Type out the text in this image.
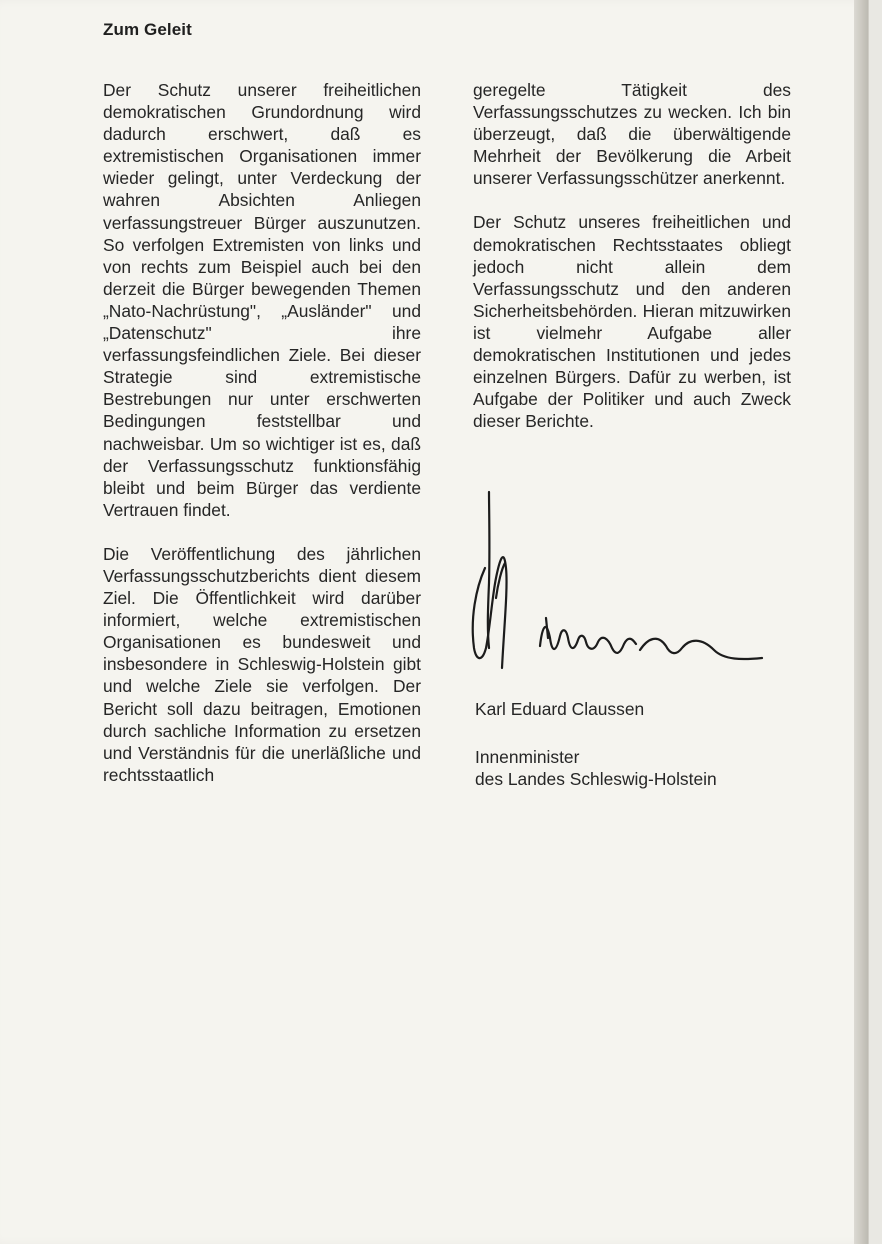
Zum Geleit

Der Schutz unserer freiheitlichen demokratischen Grundordnung wird dadurch erschwert, daß es extremistischen Organisationen immer wieder gelingt, unter Verdeckung der wahren Absichten Anliegen verfassungstreuer Bürger auszunutzen. So verfolgen Extremisten von links und von rechts zum Beispiel auch bei den derzeit die Bürger bewegenden Themen „Nato-Nachrüstung", „Ausländer" und „Datenschutz" ihre verfassungsfeindlichen Ziele. Bei dieser Strategie sind extremistische Bestrebungen nur unter erschwerten Bedingungen feststellbar und nachweisbar. Um so wichtiger ist es, daß der Verfassungsschutz funktionsfähig bleibt und beim Bürger das verdiente Vertrauen findet.

Die Veröffentlichung des jährlichen Verfassungsschutzberichts dient diesem Ziel. Die Öffentlichkeit wird darüber informiert, welche extremistischen Organisationen es bundesweit und insbesondere in Schleswig-Holstein gibt und welche Ziele sie verfolgen. Der Bericht soll dazu beitragen, Emotionen durch sachliche Information zu ersetzen und Verständnis für die unerläßliche und rechtsstaatlich

geregelte Tätigkeit des Verfassungsschutzes zu wecken. Ich bin überzeugt, daß die überwältigende Mehrheit der Bevölkerung die Arbeit unserer Verfassungsschützer anerkennt.

Der Schutz unseres freiheitlichen und demokratischen Rechtsstaates obliegt jedoch nicht allein dem Verfassungsschutz und den anderen Sicherheitsbehörden. Hieran mitzuwirken ist vielmehr Aufgabe aller demokratischen Institutionen und jedes einzelnen Bürgers. Dafür zu werben, ist Aufgabe der Politiker und auch Zweck dieser Berichte.

Karl Eduard Claussen
Innenminister
des Landes Schleswig-Holstein
